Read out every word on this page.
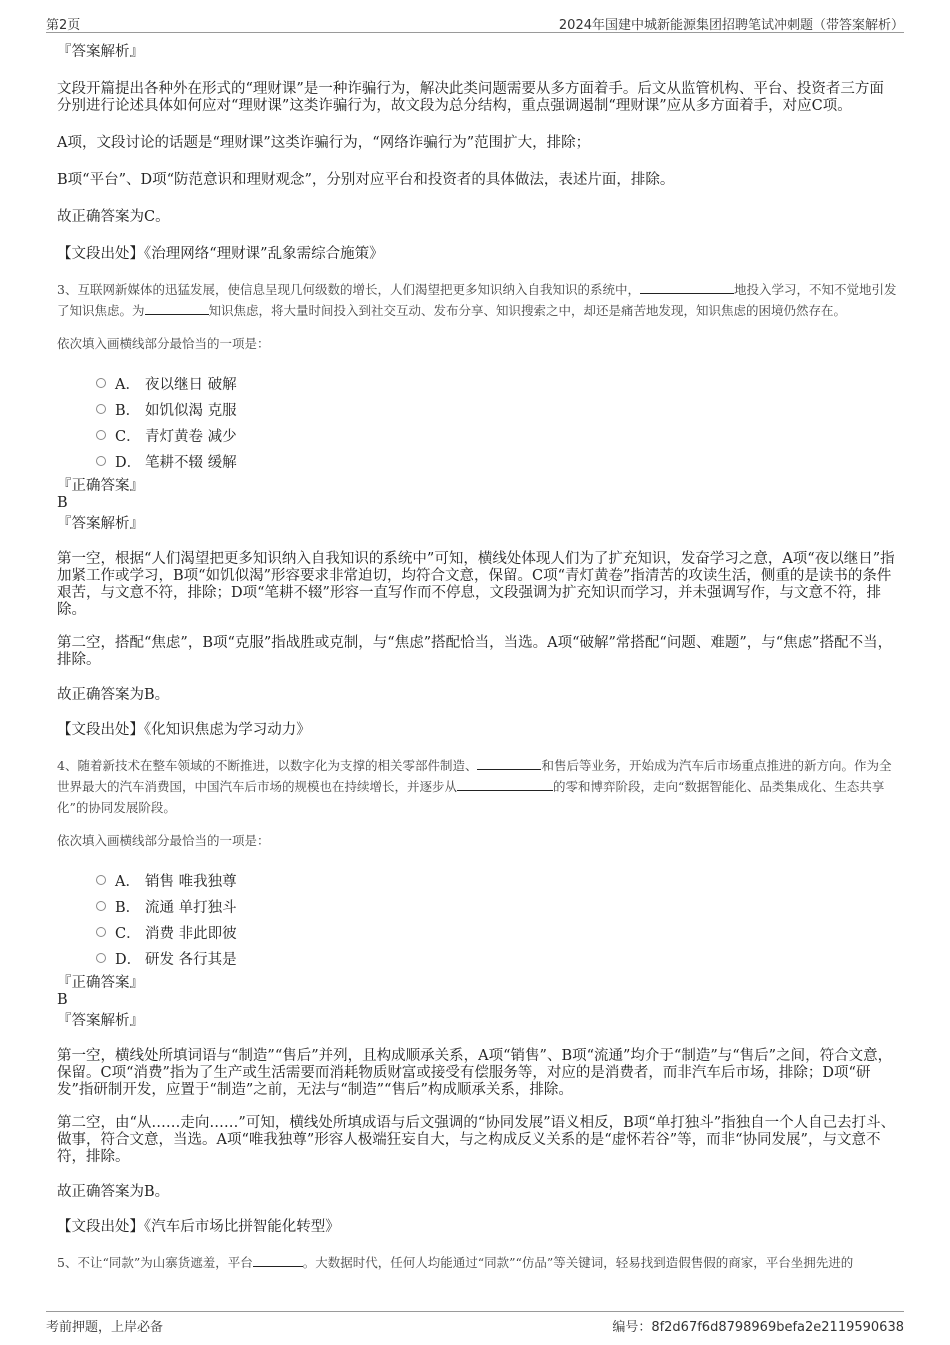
第2页	2024年国建中城新能源集团招聘笔试冲刺题（带答案解析）

『答案解析』

文段开篇提出各种外在形式的“理财课”是一种诈骗行为，解决此类问题需要从多方面着手。后文从监管机构、平台、投资者三方面分别进行论述具体如何应对“理财课”这类诈骗行为，故文段为总分结构，重点强调遏制“理财课”应从多方面着手，对应C项。

A项，文段讨论的话题是“理财课”这类诈骗行为，“网络诈骗行为”范围扩大，排除；

B项“平台”、D项“防范意识和理财观念”，分别对应平台和投资者的具体做法，表述片面，排除。

故正确答案为C。

【文段出处】《治理网络“理财课”乱象需综合施策》

3、互联网新媒体的迅猛发展，使信息呈现几何级数的增长，人们渴望把更多知识纳入自我知识的系统中，	地投入学习，不知不觉地引发了知识焦虑。为	知识焦虑，将大量时间投入到社交互动、发布分享、知识搜索之中，却还是痛苦地发现，知识焦虑的困境仍然存在。

依次填入画横线部分最恰当的一项是：

A． 夜以继日 破解
B． 如饥似渴 克服
C． 青灯黄卷 减少
D． 笔耕不辍 缓解

『正确答案』

B

『答案解析』

第一空，根据“人们渴望把更多知识纳入自我知识的系统中”可知，横线处体现人们为了扩充知识，发奋学习之意，A项“夜以继日”指加紧工作或学习，B项“如饥似渴”形容要求非常迫切，均符合文意，保留。C项“青灯黄卷”指清苦的攻读生活，侧重的是读书的条件艰苦，与文意不符，排除；D项“笔耕不辍”形容一直写作而不停息，文段强调为扩充知识而学习，并未强调写作，与文意不符，排除。

第二空，搭配“焦虑”，B项“克服”指战胜或克制，与“焦虑”搭配恰当，当选。A项“破解”常搭配“问题、难题”，与“焦虑”搭配不当，排除。

故正确答案为B。

【文段出处】《化知识焦虑为学习动力》

4、随着新技术在整车领域的不断推进，以数字化为支撑的相关零部件制造、	和售后等业务，开始成为汽车后市场重点推进的新方向。作为全世界最大的汽车消费国，中国汽车后市场的规模也在持续增长，并逐步从	的零和博弈阶段，走向“数据智能化、品类集成化、生态共享化”的协同发展阶段。

依次填入画横线部分最恰当的一项是：

A． 销售 唯我独尊
B． 流通 单打独斗
C． 消费 非此即彼
D． 研发 各行其是

『正确答案』

B

『答案解析』

第一空，横线处所填词语与“制造”“售后”并列，且构成顺承关系，A项“销售”、B项“流通”均介于“制造”与“售后”之间，符合文意，保留。C项“消费”指为了生产或生活需要而消耗物质财富或接受有偿服务等，对应的是消费者，而非汽车后市场，排除；D项“研发”指研制开发，应置于“制造”之前，无法与“制造”“售后”构成顺承关系，排除。

第二空，由“从……走向……”可知，横线处所填成语与后文强调的“协同发展”语义相反，B项“单打独斗”指独自一个人自己去打斗、做事，符合文意，当选。A项“唯我独尊”形容人极端狂妄自大，与之构成反义关系的是“虚怀若谷”等，而非“协同发展”，与文意不符，排除。

故正确答案为B。

【文段出处】《汽车后市场比拼智能化转型》

5、不让“同款”为山寨货遮羞，平台	。大数据时代，任何人均能通过“同款”“仿品”等关键词，轻易找到造假售假的商家，平台坐拥先进的

考前押题，上岸必备	编号：8f2d67f6d8798969befa2e2119590638
